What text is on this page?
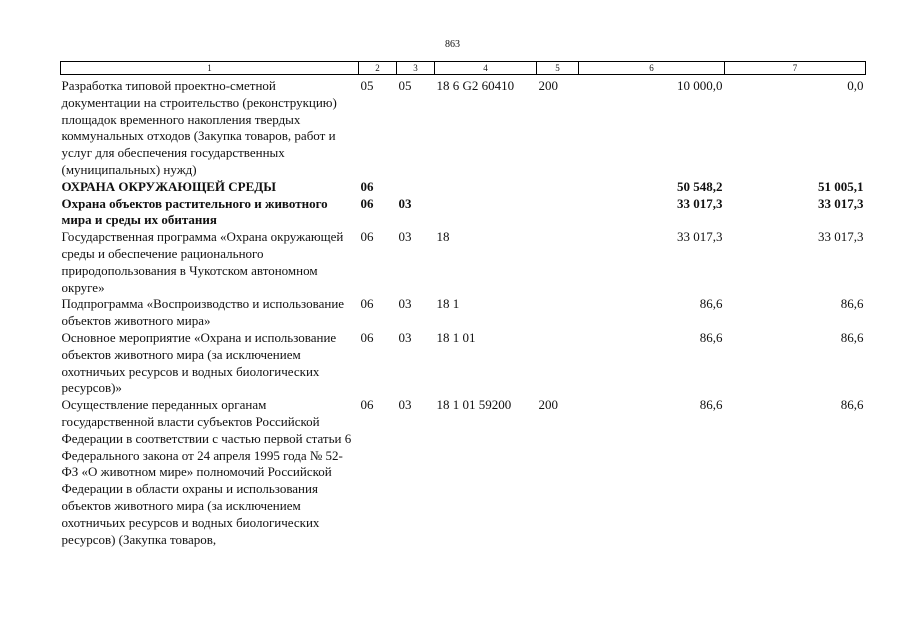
863
1	2	3	4	5	6	7
Разработка типовой проектно-сметной документации на строительство (реконструкцию) площадок временного накопления твердых коммунальных отходов (Закупка товаров, работ и услуг для обеспечения государственных (муниципальных) нужд)	05	05	18 6 G2 60410	200	10 000,0	0,0
ОХРАНА ОКРУЖАЮЩЕЙ СРЕДЫ	06				50 548,2	51 005,1
Охрана объектов растительного и животного мира и среды их обитания	06	03			33 017,3	33 017,3
Государственная программа «Охрана окружающей среды и обеспечение рационального природопользования в Чукотском автономном округе»	06	03	18		33 017,3	33 017,3
Подпрограмма «Воспроизводство и использование объектов животного мира»	06	03	18 1		86,6	86,6
Основное мероприятие «Охрана и использование объектов животного мира (за исключением охотничьих ресурсов и водных биологических ресурсов)»	06	03	18 1 01		86,6	86,6
Осуществление переданных органам государственной власти субъектов Российской Федерации в соответствии с частью первой статьи 6 Федерального закона от 24 апреля 1995 года № 52-ФЗ «О животном мире» полномочий Российской Федерации в области охраны и использования объектов животного мира (за исключением охотничьих ресурсов и водных биологических ресурсов) (Закупка товаров,	06	03	18 1 01 59200	200	86,6	86,6
